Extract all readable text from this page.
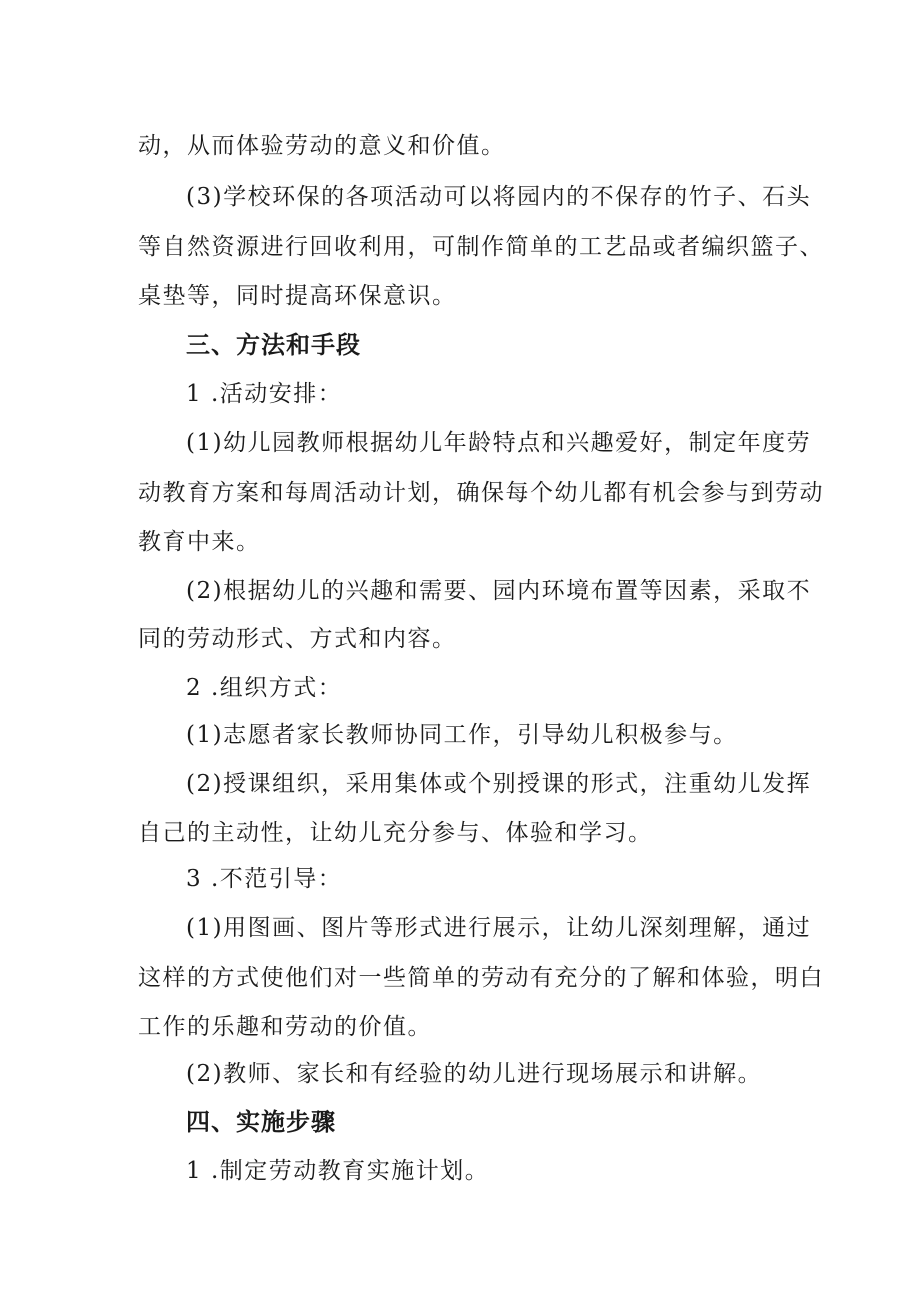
动，从而体验劳动的意义和价值。
(3)学校环保的各项活动可以将园内的不保存的竹子、石头
等自然资源进行回收利用，可制作简单的工艺品或者编织篮子、
桌垫等，同时提高环保意识。
三、方法和手段
1 .活动安排：
(1)幼儿园教师根据幼儿年龄特点和兴趣爱好，制定年度劳
动教育方案和每周活动计划，确保每个幼儿都有机会参与到劳动
教育中来。
(2)根据幼儿的兴趣和需要、园内环境布置等因素，采取不
同的劳动形式、方式和内容。
2 .组织方式：
(1)志愿者家长教师协同工作，引导幼儿积极参与。
(2)授课组织，采用集体或个别授课的形式，注重幼儿发挥
自己的主动性，让幼儿充分参与、体验和学习。
3 .不范引导：
(1)用图画、图片等形式进行展示，让幼儿深刻理解，通过
这样的方式使他们对一些简单的劳动有充分的了解和体验，明白
工作的乐趣和劳动的价值。
(2)教师、家长和有经验的幼儿进行现场展示和讲解。
四、实施步骤
1 .制定劳动教育实施计划。
